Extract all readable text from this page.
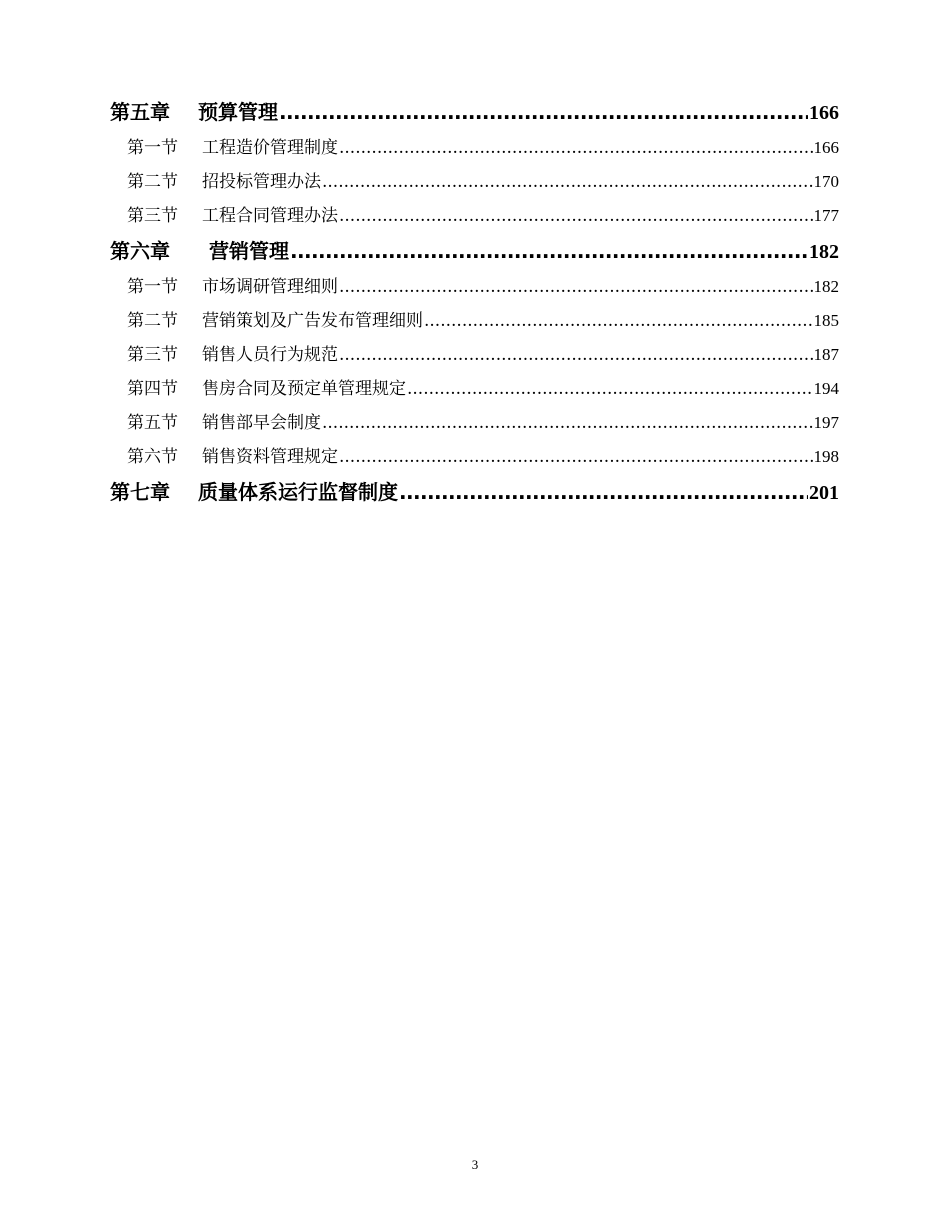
第五章	预算管理 .....	166
第一节	工程造价管理制度 .....	166
第二节	招投标管理办法 .....	170
第三节	工程合同管理办法 .....	177
第六章	营销管理 .....	182
第一节	市场调研管理细则 .....	182
第二节	营销策划及广告发布管理细则 .....	185
第三节	销售人员行为规范 .....	187
第四节	售房合同及预定单管理规定 .....	194
第五节	销售部早会制度 .....	197
第六节	销售资料管理规定 .....	198
第七章	质量体系运行监督制度 .....	201
3
